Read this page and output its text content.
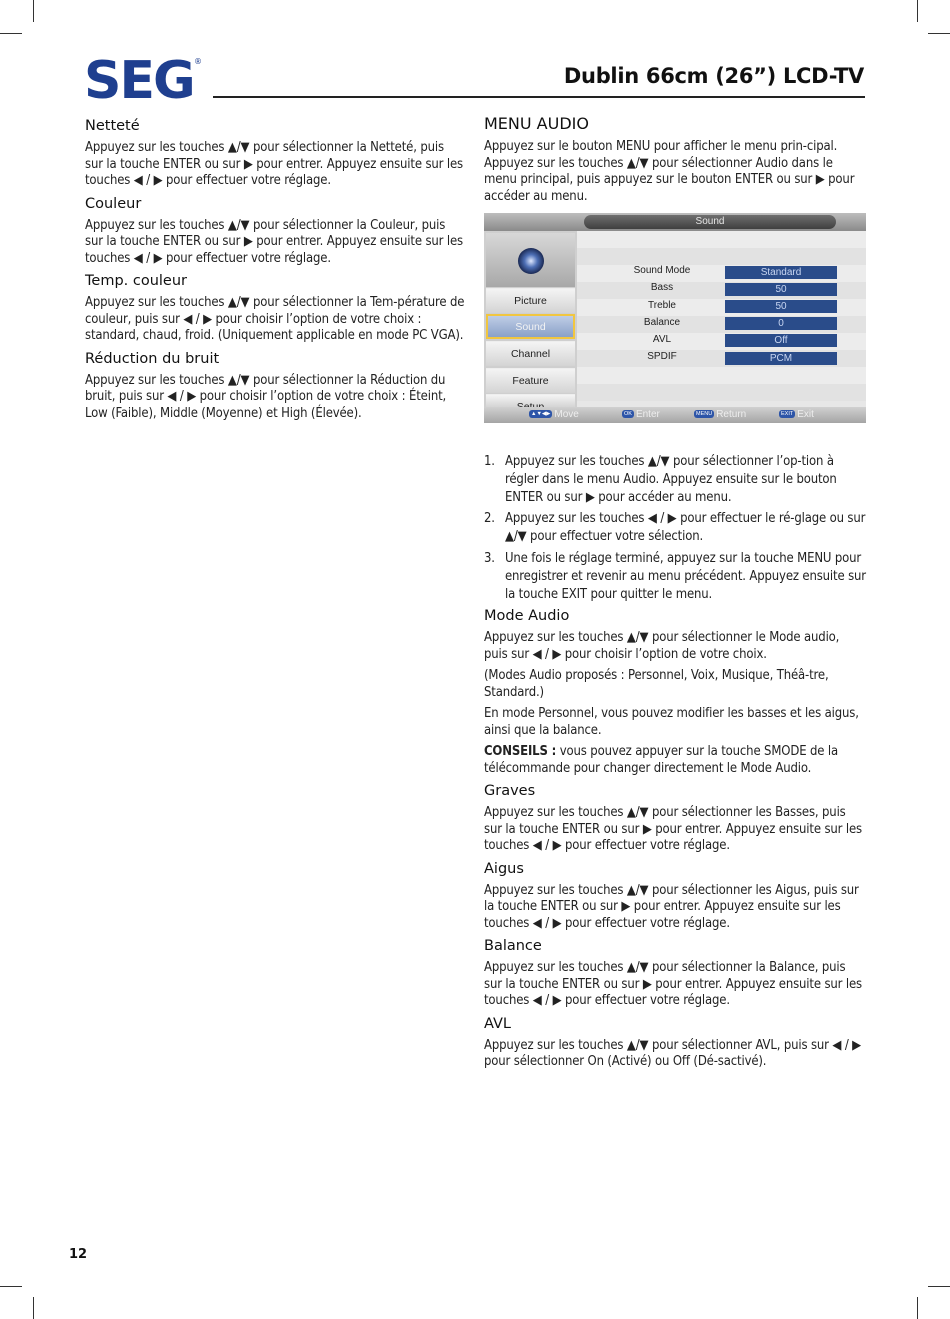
SEG ®
Dublin 66cm (26”) LCD-TV
Netteté

Appuyez sur les touches ▲/▼ pour sélectionner la Netteté, puis sur la touche ENTER ou sur ▶ pour entrer. Appuyez ensuite sur les touches ◀ / ▶ pour effectuer votre réglage.

Couleur

Appuyez sur les touches ▲/▼ pour sélectionner la Couleur, puis sur la touche ENTER ou sur ▶ pour entrer. Appuyez ensuite sur les touches ◀ / ▶ pour effectuer votre réglage.

Temp. couleur

Appuyez sur les touches ▲/▼ pour sélectionner la Tem-pérature de couleur, puis sur ◀ / ▶ pour choisir l’option de votre choix : standard, chaud, froid. (Uniquement applicable en mode PC VGA).

Réduction du bruit

Appuyez sur les touches ▲/▼ pour sélectionner la Réduction du bruit, puis sur ◀ / ▶ pour choisir l’option de votre choix : Éteint, Low (Faible), Middle (Moyenne) et High (Élevée).

MENU AUDIO

Appuyez sur le bouton MENU pour afficher le menu prin-cipal. Appuyez sur les touches ▲/▼ pour sélectionner Audio dans le menu principal, puis appuyez sur le bouton ENTER ou sur ▶ pour accéder au menu.

Sound
Picture
Sound
Channel
Feature
Sound Mode	Standard
Bass	50
Treble	50
Balance	0
AVL	Off
SPDIF	PCM
▲▼◀▶ Move	OK Enter	MENU Return	EXIT Exit
1. Appuyez sur les touches ▲/▼ pour sélectionner l’op-tion à régler dans le menu Audio. Appuyez ensuite sur le bouton ENTER ou sur ▶ pour accéder au menu.
2. Appuyez sur les touches ◀ / ▶ pour effectuer le ré-glage ou sur ▲/▼ pour effectuer votre sélection.
3. Une fois le réglage terminé, appuyez sur la touche MENU pour enregistrer et revenir au menu précédent. Appuyez ensuite sur la touche EXIT pour quitter le menu.
Mode Audio

Appuyez sur les touches ▲/▼ pour sélectionner le Mode audio, puis sur ◀ / ▶ pour choisir l’option de votre choix.

(Modes Audio proposés : Personnel, Voix, Musique, Théâ-tre, Standard.)

En mode Personnel, vous pouvez modifier les basses et les aigus, ainsi que la balance.

CONSEILS : vous pouvez appuyer sur la touche SMODE de la télécommande pour changer directement le Mode Audio.

Graves

Appuyez sur les touches ▲/▼ pour sélectionner les Basses, puis sur la touche ENTER ou sur ▶ pour entrer. Appuyez ensuite sur les touches ◀ / ▶ pour effectuer votre réglage.

Aigus

Appuyez sur les touches ▲/▼ pour sélectionner les Aigus, puis sur la touche ENTER ou sur ▶ pour entrer. Appuyez ensuite sur les touches ◀ / ▶ pour effectuer votre réglage.

Balance

Appuyez sur les touches ▲/▼ pour sélectionner la Balance, puis sur la touche ENTER ou sur ▶ pour entrer. Appuyez ensuite sur les touches ◀ / ▶ pour effectuer votre réglage.

AVL

Appuyez sur les touches ▲/▼ pour sélectionner AVL, puis sur ◀ / ▶ pour sélectionner On (Activé) ou Off (Dé-sactivé).

12
